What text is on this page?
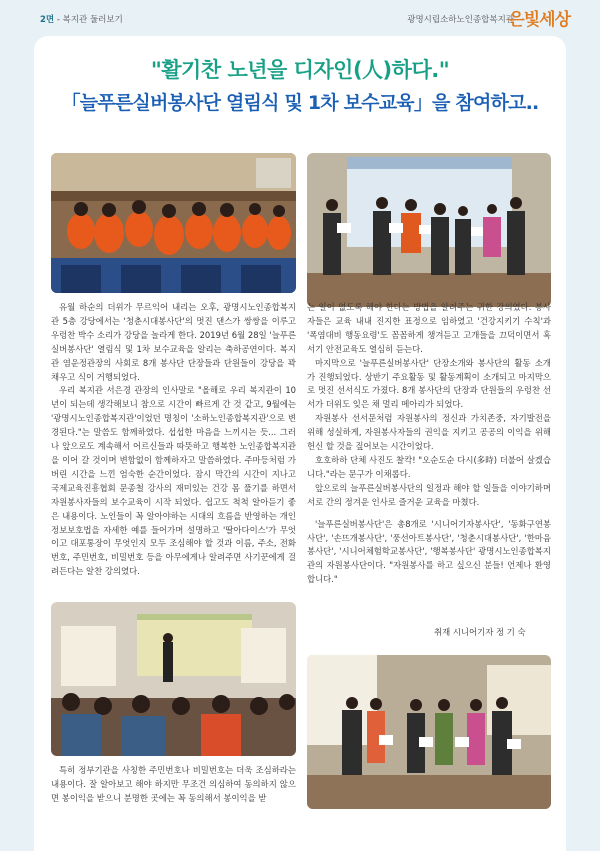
2면 - 복지관 둘러보기	광명시립소하노인종합복지관
은빛세상
"활기찬 노년을 디자인(人)하다."
「늘푸른실버봉사단 열림식 및 1차 보수교육」을 참여하고..

유월 하순의 더위가 무르익어 내리는 오후, 광명시노인종합복지관 5층 강당에서는 '청춘시대봉사단'의 멋진 댄스가 쌍쌍을 이루고 우렁찬 박수 소리가 강당을 놀라게 한다. 2019년 6월 28일 '늘푸른실버봉사단' 열림식 및 1차 보수교육을 알리는 축하공연이다. 복지관 염운정관장의 사회로 8개 봉사단 단장들과 단원들이 강당을 꽉 채우고 식이 거행되었다.

우리 복지관 서은경 관장의 인사말로 "올해로 우리 복지관이 10년이 되는데 생각해보니 참으로 시간이 빠르게 간 것 같고, 9월에는 '광명시노인종합복지관'이었던 명칭이 '소하노인종합복지관'으로 변경된다."는 말씀도 함께하였다. 섭섭한 마음을 느끼시는 듯... 그러나 앞으로도 계속해서 어르신들과 따뜻하고 행복한 노인종합복지관을 이어 갈 것이며 변함없이 함께하자고 말씀하였다. 주마등처럼 가버린 시간을 느낀 엄숙한 순간이었다. 잠시 막간의 시간이 지나고 국제교육진흥협회 문종철 강사의 재미있는 건강 몸 풀기를 하면서 자원봉사자들의 보수교육이 시작 되었다. 쉽고도 척척 알아듣기 좋은 내용이다. 노인들이 꼭 알아야하는 시대의 흐름을 반영하는 개인정보보호법을 자세한 예를 들어가며 설명하고 '딸아다이스'가 무엇이고 대포통장이 무엇인지 모두 조심해야 할 것과 이름, 주소, 전화번호, 주민번호, 비밀번호 등을 아무에게나 알려주면 사기꾼에게 걸려든다는 알찬 강의였다.

특히 정부기관을 사칭한 주민번호나 비밀번호는 더욱 조심하라는 내용이다. 잘 알아보고 해야 하지만 무조건 의심하여 동의하지 않으면 봉이익을 받으니 분명한 곳에는 꼭 동의해서 봉이익을 받

는 일이 없도록 해야 한다는 방법을 알려주는 귀한 강의였다. 봉사자들은 교육 내내 진지한 표정으로 임하였고 '건강지키기 수칙'과 '폭염대비 행동요령'도 꼼꼼하게 챙겨듣고 고개들을 끄덕이면서 혹서기 안전교육도 열심히 듣는다.

마지막으로 '늘푸른실버봉사단' 단장소개와 봉사단의 활동 소개가 진행되었다. 상반기 주요활동 및 활동계획이 소개되고 마지막으로 멋진 선서식도 가졌다. 8개 봉사단의 단장과 단원들의 우렁찬 선서가 더위도 잊은 채 멀리 메아리가 되었다.

자원봉사 선서문처럼 자원봉사의 정신과 가치존중, 자기발전을 위해 성실하게, 자원봉사자들의 권익을 지키고 공공의 이익을 위해 헌신 할 것을 짚어보는 시간이었다.

호호하하 단체 사진도 찰칵! "오순도순 다시(多時) 더불어 살겠습니다."라는 문구가 이채롭다.

앞으로의 늘푸른실버봉사단의 일정과 해야 할 일들을 이야기하며 서로 간의 정겨운 인사로 즐거운 교육을 마쳤다.

'늘푸른실버봉사단'은 총8개로 '시니어기자봉사단', '동화구연봉사단', '손뜨개봉사단', '풍선아트봉사단', '청춘시대봉사단', '한마음봉사단', '시니어체험학교봉사단', '행복봉사단' 광명시노인종합복지관의 자원봉사단이다. "자원봉사를 하고 싶으신 분들! 언제나 환영합니다."

취재 시니어기자 정 기 숙
